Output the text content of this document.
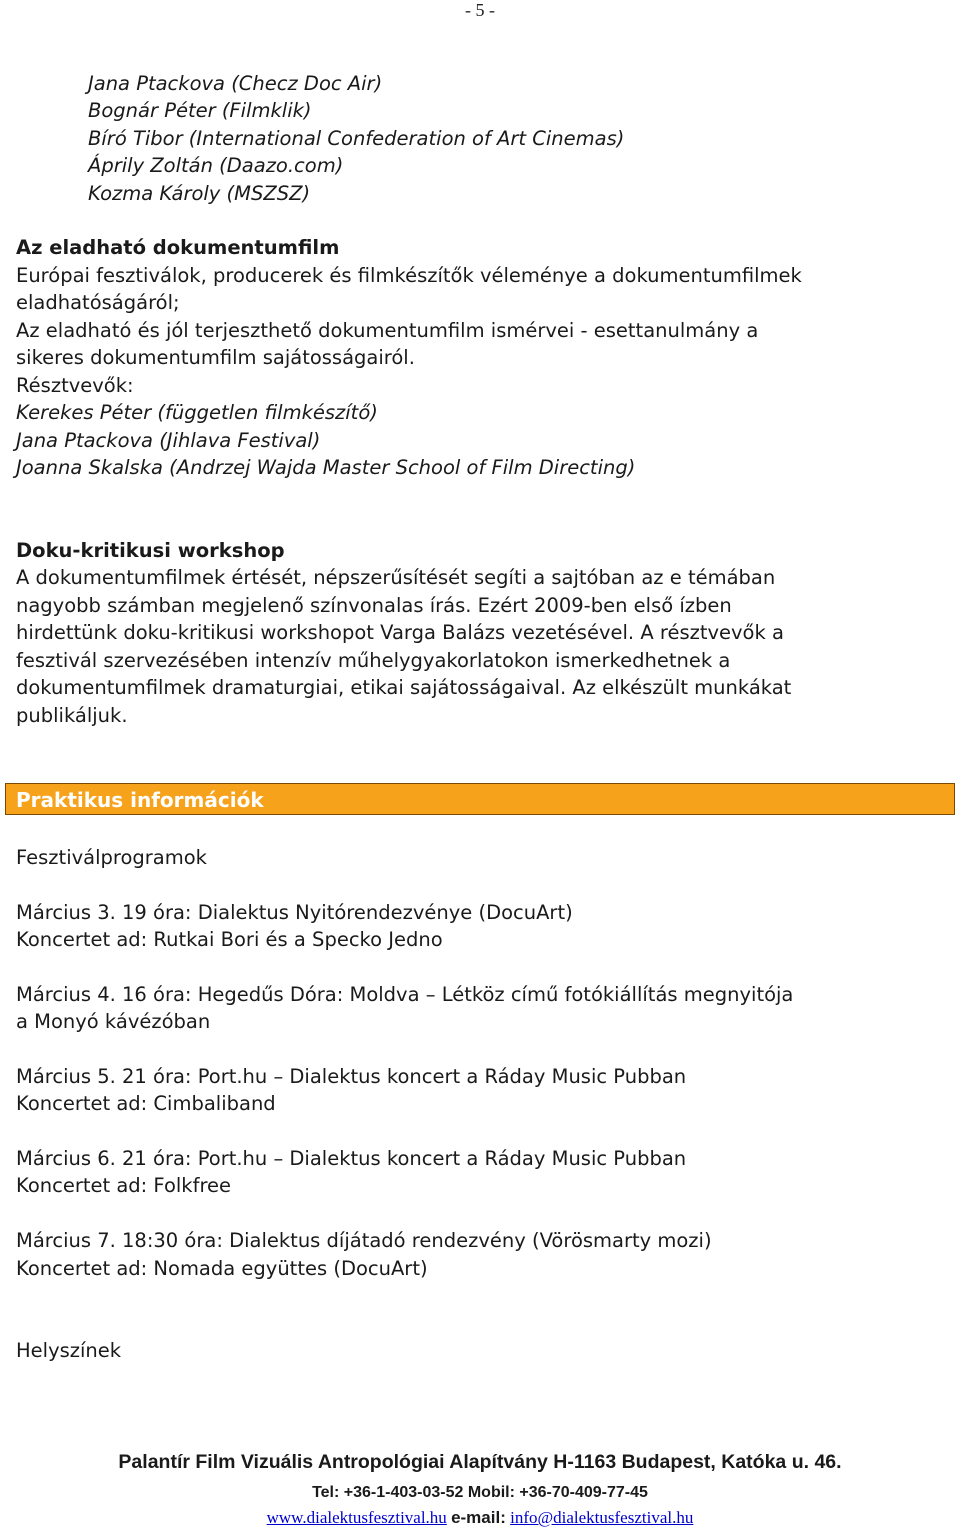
- 5 -
Jana Ptackova (Checz Doc Air)
Bognár Péter (Filmklik)
Bíró Tibor (International Confederation of Art Cinemas)
Áprily Zoltán (Daazo.com)
Kozma Károly (MSZSZ)
Az eladható dokumentumfilm
Európai fesztiválok, producerek és filmkészítők véleménye a dokumentumfilmek
eladhatóságáról;
Az eladható és jól terjeszthető dokumentumfilm ismérvei - esettanulmány a
sikeres dokumentumfilm sajátosságairól.
Résztvevők:
Kerekes Péter (független filmkészítő)
Jana Ptackova (Jihlava Festival)
Joanna Skalska (Andrzej Wajda Master School of Film Directing)
Doku-kritikusi workshop
A dokumentumfilmek értését, népszerűsítését segíti a sajtóban az e témában
nagyobb számban megjelenő színvonalas írás. Ezért 2009-ben első ízben
hirdettünk doku-kritikusi workshopot Varga Balázs vezetésével. A résztvevők a
fesztivál szervezésében intenzív műhelygyakorlatokon ismerkedhetnek a
dokumentumfilmek dramaturgiai, etikai sajátosságaival. Az elkészült munkákat
publikáljuk.
Praktikus információk
Fesztiválprogramok
Március 3. 19 óra: Dialektus Nyitórendezvénye (DocuArt)
Koncertet ad: Rutkai Bori és a Specko Jedno
Március 4. 16 óra: Hegedűs Dóra: Moldva – Létköz című fotókiállítás megnyitója
a Monyó kávézóban
Március 5. 21 óra: Port.hu – Dialektus koncert a Ráday Music Pubban
Koncertet ad: Cimbaliband
Március 6. 21 óra: Port.hu – Dialektus koncert a Ráday Music Pubban
Koncertet ad: Folkfree
Március 7. 18:30 óra: Dialektus díjátadó rendezvény (Vörösmarty mozi)
Koncertet ad: Nomada együttes (DocuArt)
Helyszínek
Palantír Film Vizuális Antropológiai Alapítvány H-1163 Budapest, Katóka u. 46.
Tel: +36-1-403-03-52 Mobil: +36-70-409-77-45
www.dialektusfesztival.hu e-mail: info@dialektusfesztival.hu
